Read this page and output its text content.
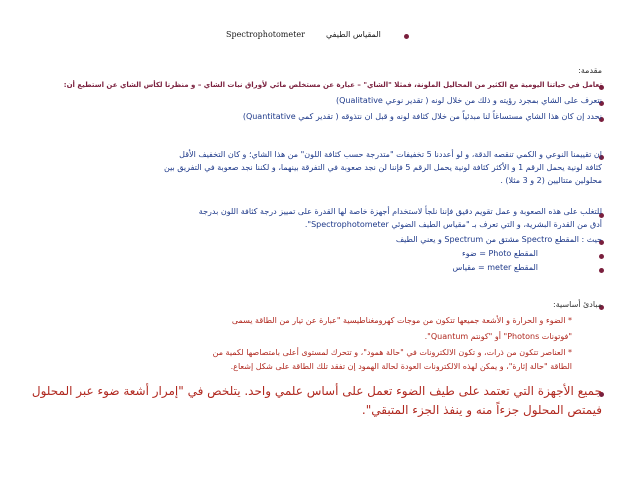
المقياس الطيفي
Spectrophotometer
مقدمة:
تعامل في حياتنا اليومية مع الكثير من المحاليل الملونة، فمثلا "الشاي" – عبارة عن مستخلص مائي لأوراق نبات الشاي – و منظرنا لكأس الشاي عن استطيع أن:
نتعرف على الشاي بمجرد رؤيته و ذلك من خلال لونه ( تقدير نوعي Qualitative)
نحدد إن كان هذا الشاي مستساغاً لنا مبدئياً من خلال كثافة لونه و قبل ان نتذوقه ( تقدير كمي Quantitative)
إن تقييمنا النوعي و الكمي تنقصه الدقة، و لو أعددنا 5 تخفيفات "متدرجة حسب كثافة اللون" من هذا الشاي؛ و كان التخفيف الأقل
كثافة لونية يحمل الرقم 1 و الأكثر كثافة لونية يحمل الرقم 5 فإننا لن نجد صعوبة في التفرقة بينهما، و لكننا نجد صعوبة في التفريق بين
محلولين متتاليين (2 و 3 مثلا) .
للتغلب على هذه الصعوبة و عمل تقويم دقيق فإننا نلجأ لاستخدام أجهزة خاصة لها القدرة على تمييز درجة كثافة اللون بدرجة
أدق من القدرة البشرية، و التي تعرف بـ "مقياس الطيف الضوئي Spectrophotometer".
حيث : المقطع Spectro مشتق من Spectrum و يعني الطيف
المقطع Photo = ضوء
المقطع meter = مقياس
مبادئ أساسية:
* الضوء و الحرارة و الأشعة جميعها تتكون من موجات كهرومغناطيسية "عبارة عن تيار من الطاقة يسمى
"فوتونات Photons" أو "كونتم Quantum".
* العناصر تتكون من ذرات، و تكون الالكترونات في "حالة همود"، و تتحرك لمستوى أعلى بامتصاصها لكمية من
الطاقة "حالة إثارة"، و يمكن لهذه الالكترونات العودة لحالة الهمود إن تفقد تلك الطاقة على شكل إشعاع.
جميع الأجهزة التي تعتمد على طيف الضوء تعمل على أساس علمي واحد. يتلخص في "إمرار أشعة ضوء عبر المحلول
فيمتص المحلول جزءاً منه و ينفذ الجزء المتبقي".
